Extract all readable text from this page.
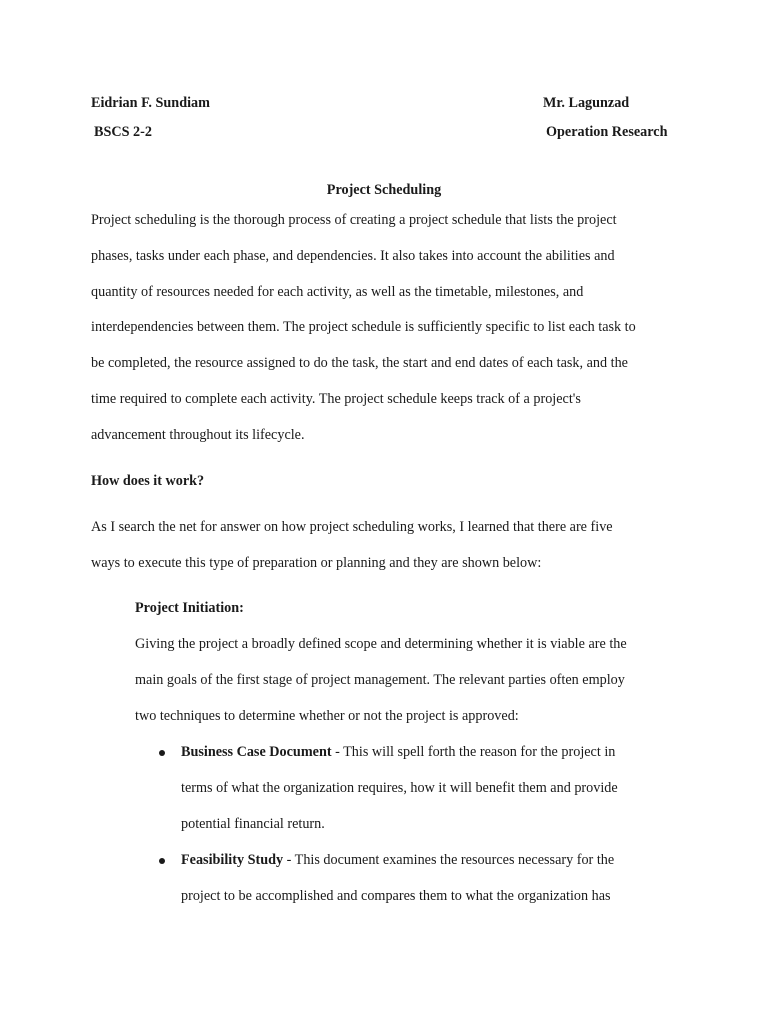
Eidrian F. Sundiam	Mr. Lagunzad
BSCS 2-2	Operation Research
Project Scheduling
Project scheduling is the thorough process of creating a project schedule that lists the project
phases, tasks under each phase, and dependencies. It also takes into account the abilities and
quantity of resources needed for each activity, as well as the timetable, milestones, and
interdependencies between them. The project schedule is sufficiently specific to list each task to
be completed, the resource assigned to do the task, the start and end dates of each task, and the
time required to complete each activity. The project schedule keeps track of a project's
advancement throughout its lifecycle.
How does it work?
As I search the net for answer on how project scheduling works, I learned that there are five
ways to execute this type of preparation or planning and they are shown below:
Project Initiation:
Giving the project a broadly defined scope and determining whether it is viable are the
main goals of the first stage of project management. The relevant parties often employ
two techniques to determine whether or not the project is approved:
Business Case Document - This will spell forth the reason for the project in
terms of what the organization requires, how it will benefit them and provide
potential financial return.
Feasibility Study - This document examines the resources necessary for the
project to be accomplished and compares them to what the organization has
